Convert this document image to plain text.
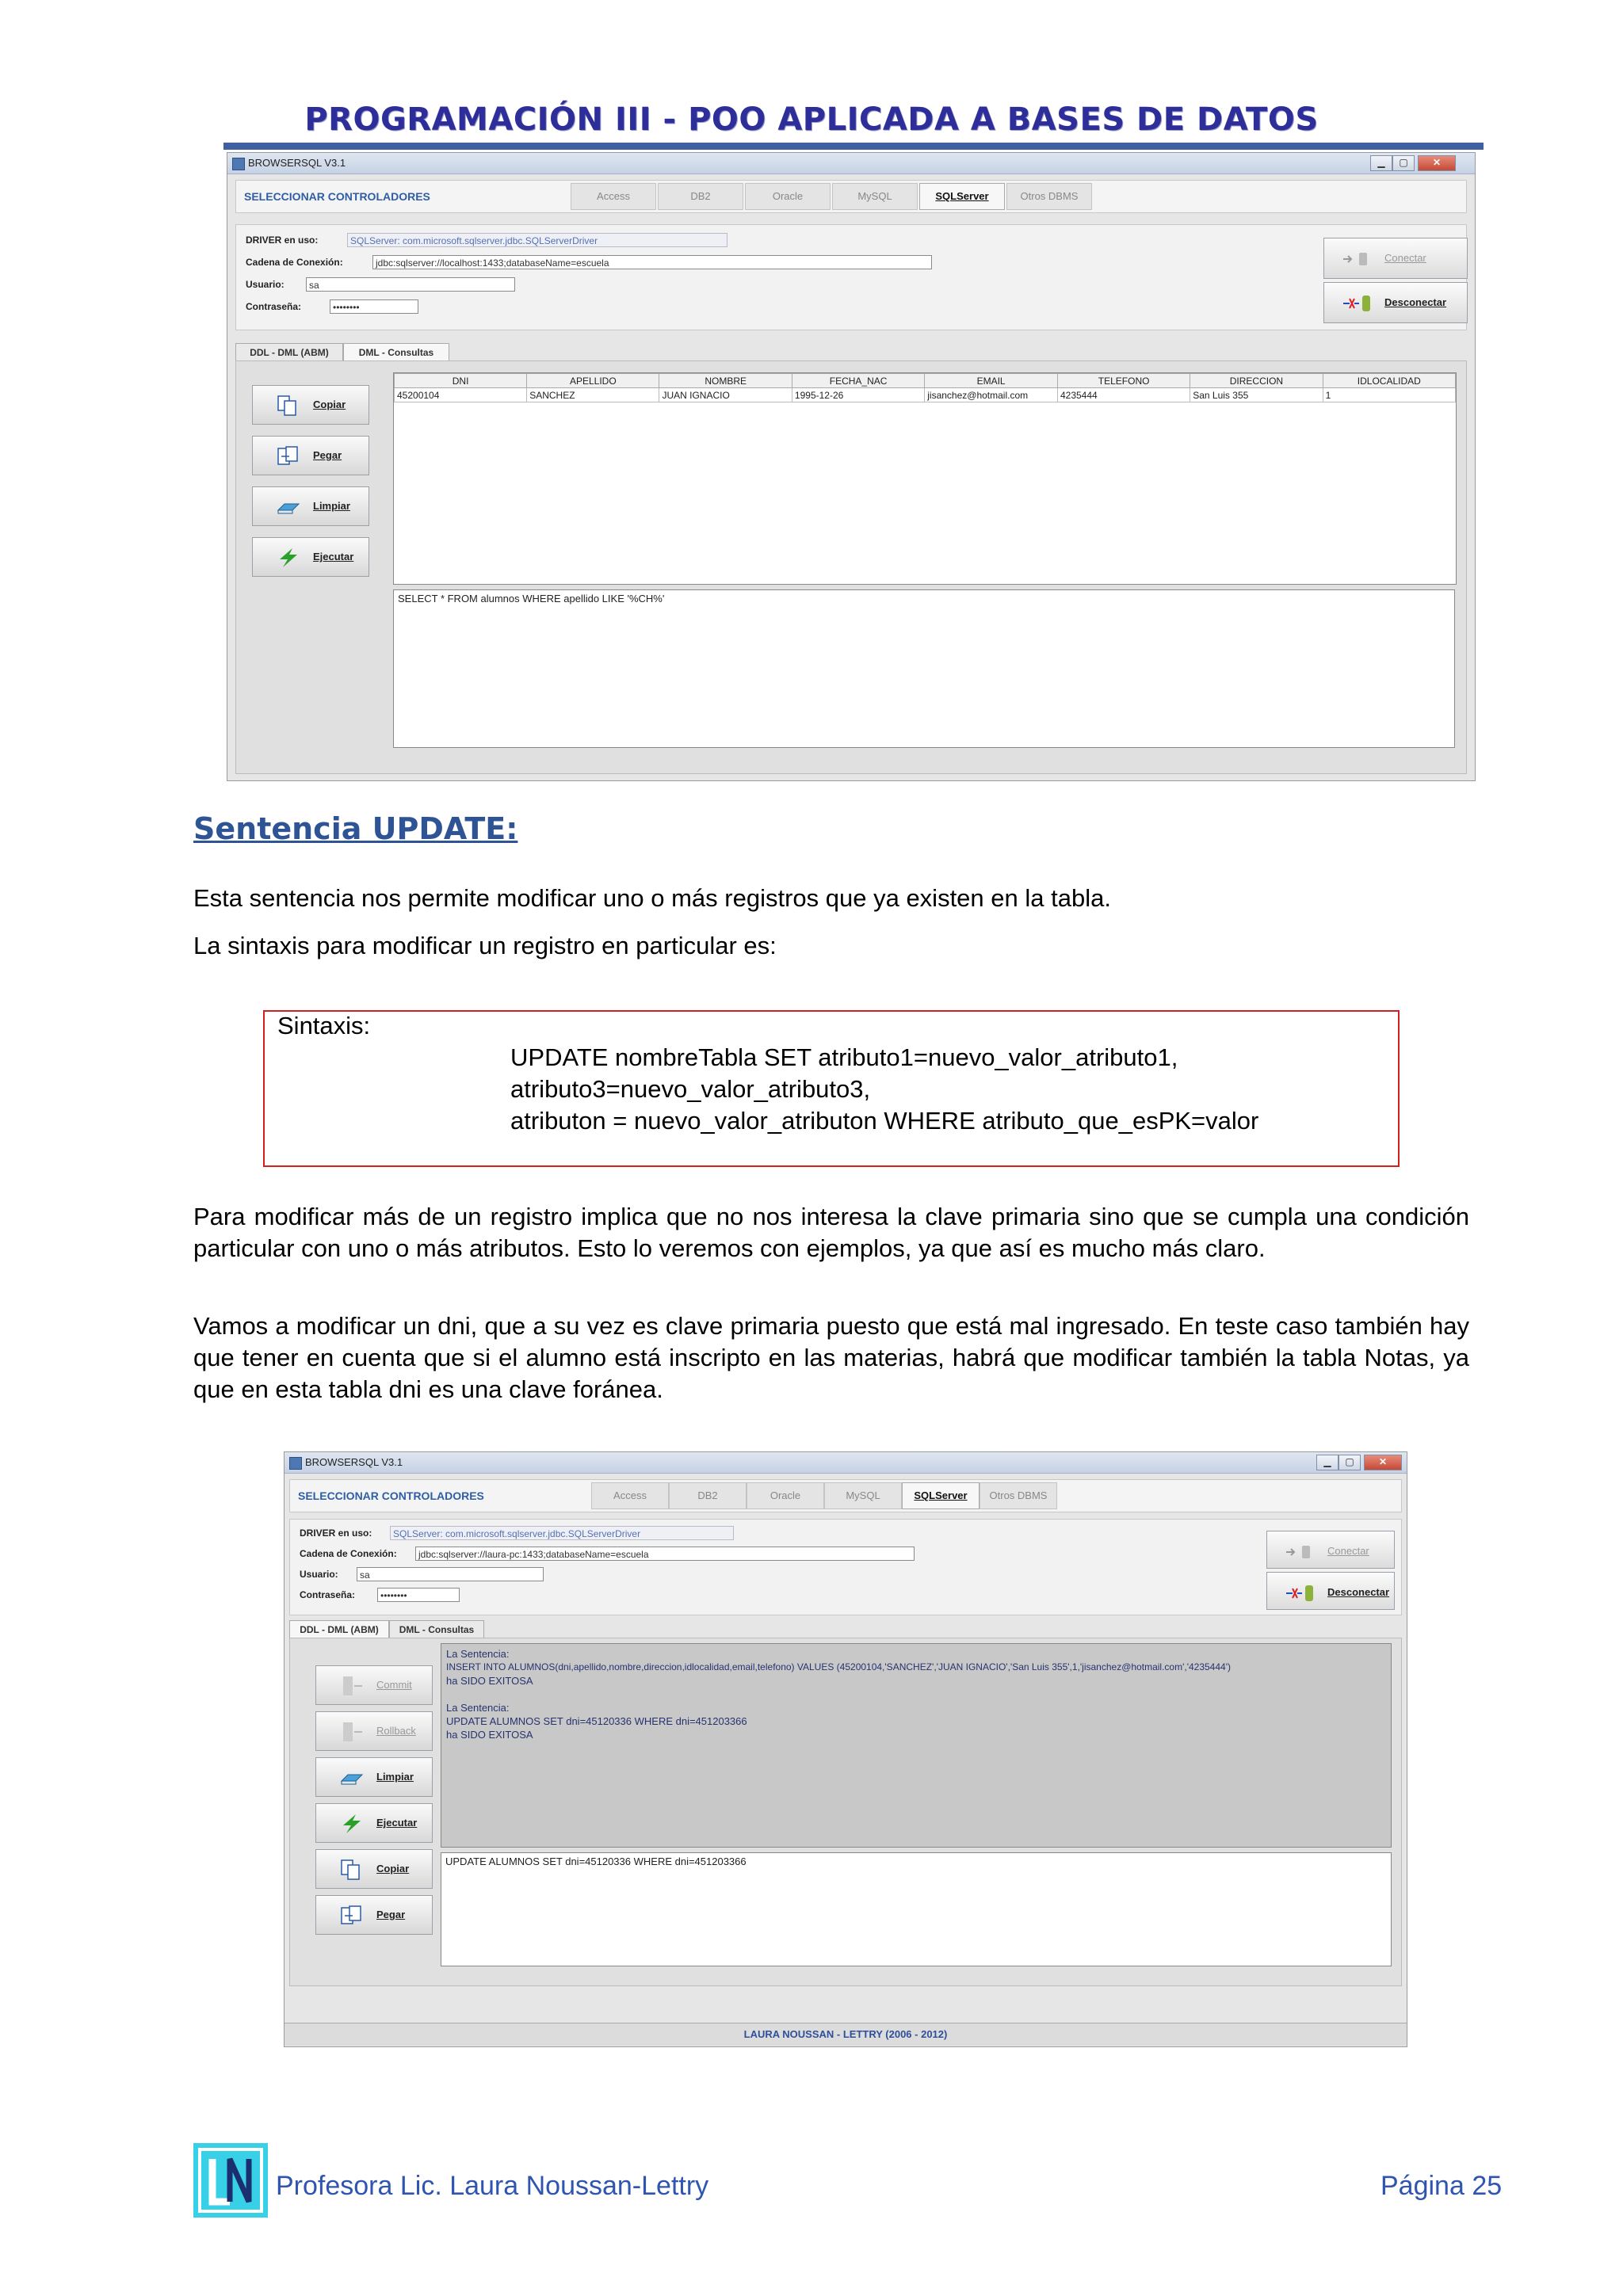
PROGRAMACIÓN III - POO APLICADA A BASES DE DATOS
BROWSERSQL V3.1	▁	▢	✕
SELECCIONAR CONTROLADORES	Access	DB2	Oracle	MySQL	SQLServer	Otros DBMS
DRIVER en uso:	SQLServer: com.microsoft.sqlserver.jdbc.SQLServerDriver
Cadena de Conexión:	jdbc:sqlserver://localhost:1433;databaseName=escuela
Usuario:	sa
Contraseña:	••••••••
Conectar
Desconectar
DDL - DML (ABM)	DML - Consultas
Copiar
Pegar
Limpiar
Ejecutar
DNI	APELLIDO	NOMBRE	FECHA_NAC	EMAIL	TELEFONO	DIRECCION	IDLOCALIDAD
45200104	SANCHEZ	JUAN IGNACIO	1995-12-26	jisanchez@hotmail.com	4235444	San Luis 355	1
SELECT * FROM alumnos WHERE apellido LIKE '%CH%'
Sentencia UPDATE:
Esta sentencia nos permite modificar uno o más registros que ya existen en la tabla.
La sintaxis para modificar un registro en particular es:
Sintaxis:
UPDATE nombreTabla SET atributo1=nuevo_valor_atributo1,
atributo3=nuevo_valor_atributo3,
atributon = nuevo_valor_atributon WHERE atributo_que_esPK=valor
Para modificar más de un registro implica que no nos interesa la clave primaria sino que se cumpla una condición particular con uno o más atributos. Esto lo veremos con ejemplos, ya que así es mucho más claro.
Vamos a modificar un dni, que a su vez es clave primaria puesto que está mal ingresado. En teste caso también hay que tener en cuenta que si el alumno está inscripto en las materias, habrá que modificar también la tabla Notas, ya que en esta tabla dni es una clave foránea.
BROWSERSQL V3.1	▁	▢	✕
SELECCIONAR CONTROLADORES	Access	DB2	Oracle	MySQL	SQLServer	Otros DBMS
DRIVER en uso:	SQLServer: com.microsoft.sqlserver.jdbc.SQLServerDriver
Cadena de Conexión:	jdbc:sqlserver://laura-pc:1433;databaseName=escuela
Usuario:	sa
Contraseña:	••••••••
Conectar
Desconectar
DDL - DML (ABM)	DML - Consultas
Commit
Rollback
Limpiar
Ejecutar
Copiar
Pegar
La Sentencia:
INSERT INTO ALUMNOS(dni,apellido,nombre,direccion,idlocalidad,email,telefono) VALUES (45200104,'SANCHEZ','JUAN IGNACIO','San Luis 355',1,'jisanchez@hotmail.com','4235444')
ha SIDO EXITOSA
La Sentencia:
UPDATE ALUMNOS SET dni=45120336 WHERE dni=451203366
ha SIDO EXITOSA
UPDATE ALUMNOS SET dni=45120336 WHERE dni=451203366
LAURA NOUSSAN - LETTRY (2006 - 2012)
Profesora Lic. Laura Noussan-Lettry	Página 25
